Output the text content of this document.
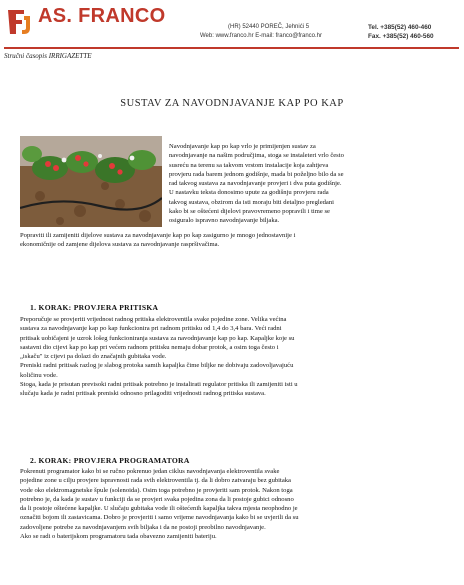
AS. FRANCO	(HR) 52440 POREČ, Jehnići 5
Web: www.franco.hr E-mail: franco@franco.hr
Tel. +385(52) 460-460
Fax. +385(52) 460-560
Stručni časopis IRRIGAZETTE
SUSTAV ZA NAVODNJAVANJE KAP PO KAP
Navodnjavanje kap po kap vrlo je primijenjen sustav za
navodnjavanje na našim područjima, stoga se instaleteri vrlo često
susreću na terenu sa takvom vrstom instalacije koja zahtjeva
provjeru rada barem jednom godišnje, mada bi poželjno bilo da se
rad takvog sustava za navodnjavanje provjeri i dva puta godišnje.
U nastavku teksta donosimo upute za godišnju provjeru rada
takvog sustava, obzirom da isti moraju biti detaljno pregledani
kako bi se oštećeni dijelovi pravovremeno popravili i time se
osiguralo ispravno navodnjavanje biljaka.
Popraviti ili zamijeniti dijelove sustava za navodnjavanje kap po kap zasigurno je mnogo jednostavnije i
ekonomičnije od zamjene dijelova sustava za navodnjavanje raspršivačima.
1. KORAK: PROVJERA PRITISKA
Preporučuje se provjeriti vrijednost radnog pritiska elektroventila svake pojedine zone. Velika većina
sustava za navodnjavanje kap po kap funkcionira pri radnom pritisku od 1,4 do 3,4 bara. Veći radni
pritisak uobičajeni je uzrok lošeg funkcioniranja sustava za navodnjavanje kap po kap. Kapaljke koje su
sastavni dio cijevi kap po kap pri većem radnom pritisku nemaju dobar protok, a osim toga često i
„iskaču" iz cijevi pa dolazi do značajnih gubitaka vode.
Preniski radni pritisak razlog je slabog protoka samih kapaljka čime biljke ne dobivaju zadovoljavajuću
količinu vode.
Stoga, kada je prisutan previsoki radni pritisak potrebno je instalirati regulator pritiska ili zamijeniti isti u
slučaju kada je radni pritisak preniski odnosno prilagoditi vrijednosti radnog pritiska sustava.
2. KORAK: PROVJERA PROGRAMATORA
Pokrenuti programator kako bi se ručno pokrenuo jedan ciklus navodnjavanja elektroventila svake
pojedine zone u cilju provjere ispravnosti rada svih elektroventila tj. da li dobro zatvaraju bez gubitaka
vode oko elektromagnetske špule (solenoida). Osim toga potrebno je provjeriti sam protok. Nakon toga
potrebno je, da kada je sustav u funkciji da se provjeri svaka pojedina zona da li postoje gubici odnosno
da li postoje oštećene kapaljke. U slučaju gubitaka vode ili oštećenih kapaljka takva mjesta neophodno je
označiti bojom ili zastavicama. Dobro je provjeriti i samo vrijeme navodnjavanja kako bi se uvjerili da su
zadovoljene potrebe za navodnjavanjem svih biljaka i da ne postoji preobilno navodnjavanje.
Ako se radi o baterijskom programatoru tada obavezno zamijeniti bateriju.
